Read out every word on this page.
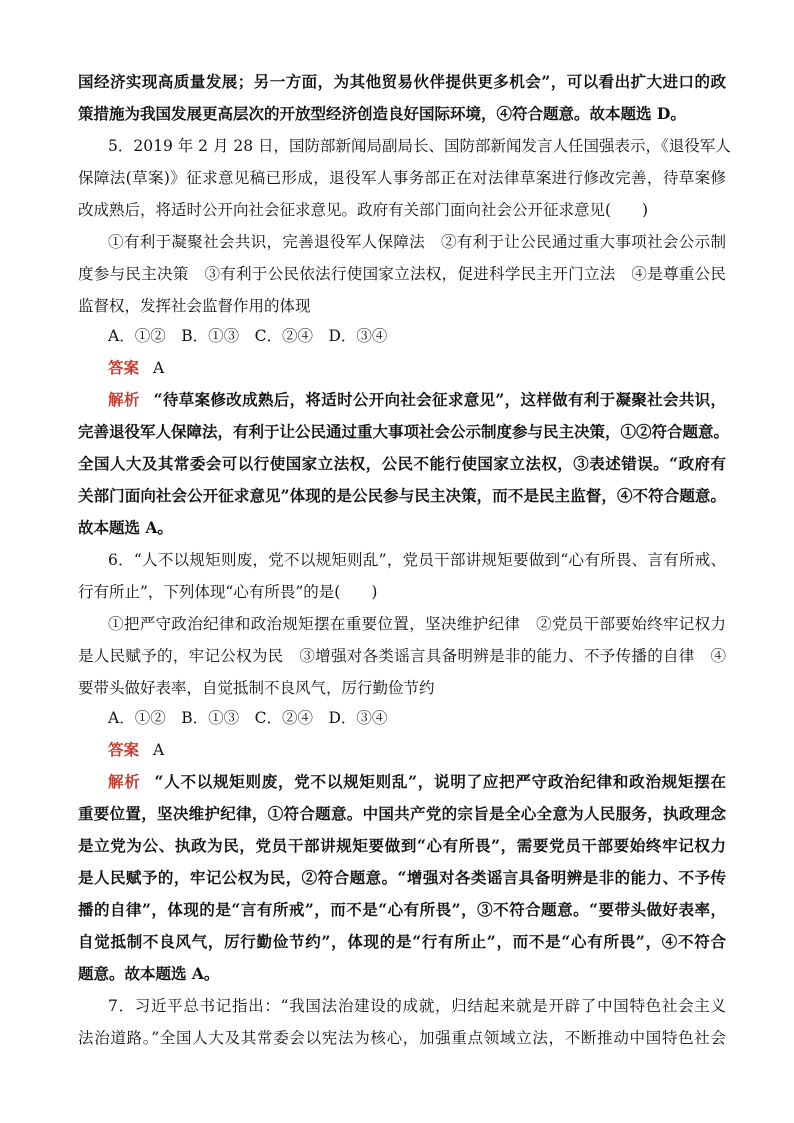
国经济实现高质量发展；另一方面，为其他贸易伙伴提供更多机会”，可以看出扩大进口的政
策措施为我国发展更高层次的开放型经济创造良好国际环境，④符合题意。故本题选 D。
5．2019 年 2 月 28 日，国防部新闻局副局长、国防部新闻发言人任国强表示，《退役军人
保障法(草案)》征求意见稿已形成，退役军人事务部正在对法律草案进行修改完善，待草案修
改成熟后，将适时公开向社会征求意见。政府有关部门面向社会公开征求意见(　　)
①有利于凝聚社会共识，完善退役军人保障法　②有利于让公民通过重大事项社会公示制
度参与民主决策　③有利于公民依法行使国家立法权，促进科学民主开门立法　④是尊重公民
监督权，发挥社会监督作用的体现
A．①②　B．①③　C．②④　D．③④
答案 A
解析 “待草案修改成熟后，将适时公开向社会征求意见”，这样做有利于凝聚社会共识，
完善退役军人保障法，有利于让公民通过重大事项社会公示制度参与民主决策，①②符合题意。
全国人大及其常委会可以行使国家立法权，公民不能行使国家立法权，③表述错误。“政府有
关部门面向社会公开征求意见”体现的是公民参与民主决策，而不是民主监督，④不符合题意。
故本题选 A。
6．“人不以规矩则废，党不以规矩则乱”，党员干部讲规矩要做到“心有所畏、言有所戒、
行有所止”，下列体现“心有所畏”的是(　　)
①把严守政治纪律和政治规矩摆在重要位置，坚决维护纪律　②党员干部要始终牢记权力
是人民赋予的，牢记公权为民　③增强对各类谣言具备明辨是非的能力、不予传播的自律　④
要带头做好表率，自觉抵制不良风气，厉行勤俭节约
A．①②　B．①③　C．②④　D．③④
答案 A
解析 “人不以规矩则废，党不以规矩则乱”，说明了应把严守政治纪律和政治规矩摆在
重要位置，坚决维护纪律，①符合题意。中国共产党的宗旨是全心全意为人民服务，执政理念
是立党为公、执政为民，党员干部讲规矩要做到“心有所畏”，需要党员干部要始终牢记权力
是人民赋予的，牢记公权为民，②符合题意。“增强对各类谣言具备明辨是非的能力、不予传
播的自律”，体现的是“言有所戒”，而不是“心有所畏”，③不符合题意。“要带头做好表率，
自觉抵制不良风气，厉行勤俭节约”，体现的是“行有所止”，而不是“心有所畏”，④不符合
题意。故本题选 A。
7．习近平总书记指出：“我国法治建设的成就，归结起来就是开辟了中国特色社会主义
法治道路。”全国人大及其常委会以宪法为核心，加强重点领域立法，不断推动中国特色社会
